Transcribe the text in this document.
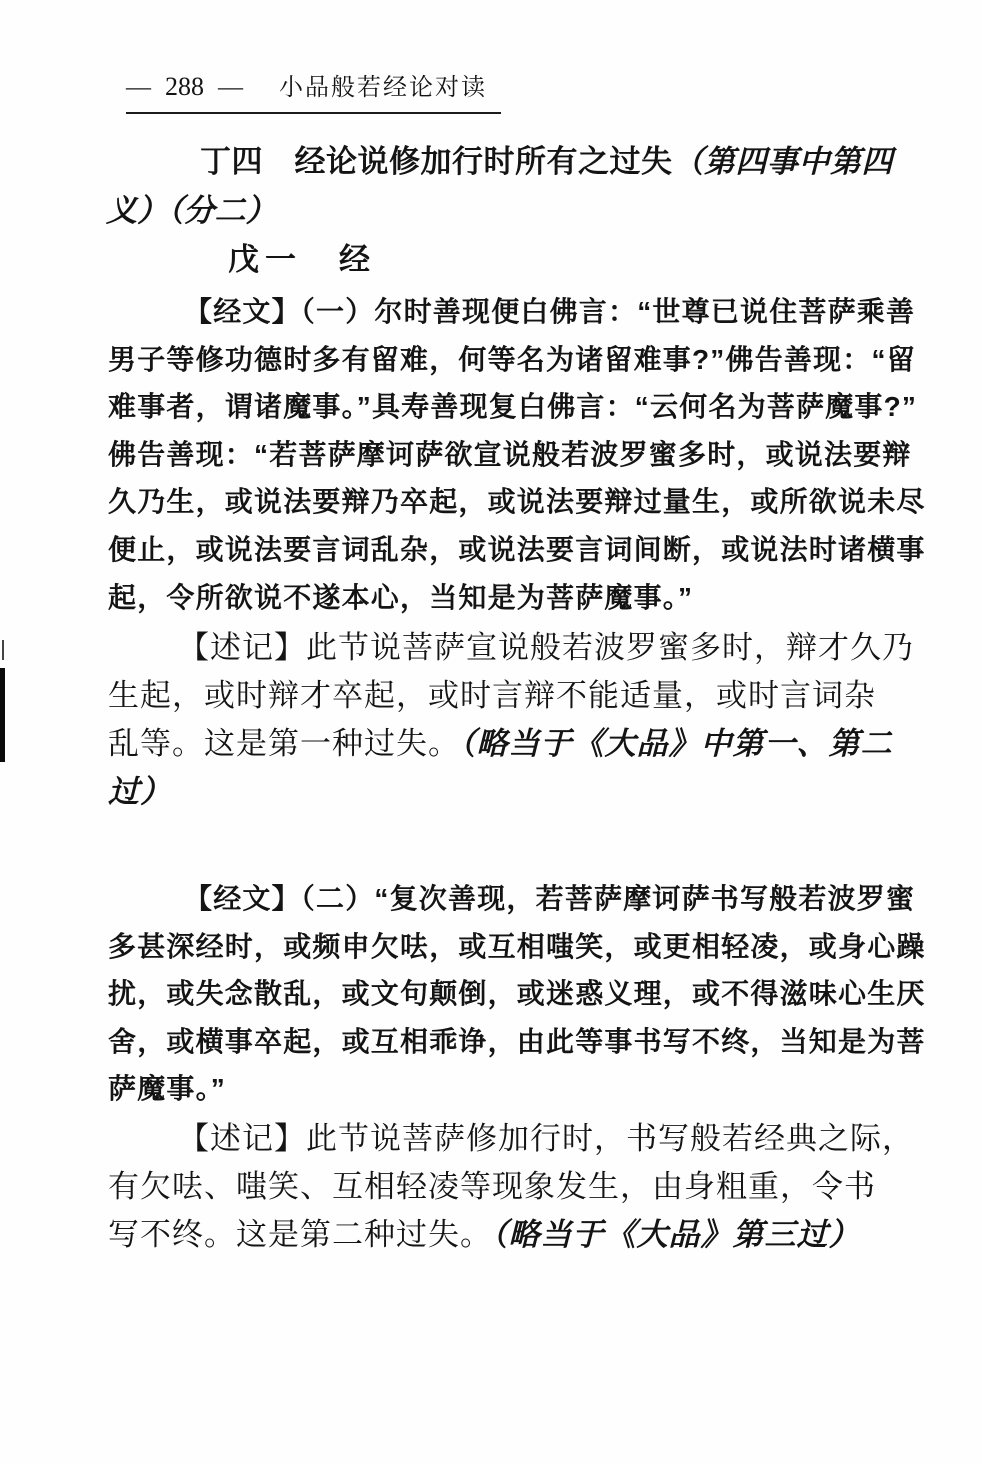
— 288 — 小品般若经论对读
丁四　经论说修加行时所有之过失（第四事中第四
义）（分二）
戊一　经
【经文】（一）尔时善现便白佛言：“世尊已说住菩萨乘善
男子等修功德时多有留难，何等名为诸留难事?”佛告善现：“留
难事者，谓诸魔事。”具寿善现复白佛言：“云何名为菩萨魔事?”
佛告善现：“若菩萨摩诃萨欲宣说般若波罗蜜多时，或说法要辩
久乃生，或说法要辩乃卒起，或说法要辩过量生，或所欲说未尽
便止，或说法要言词乱杂，或说法要言词间断，或说法时诸横事
起，令所欲说不遂本心，当知是为菩萨魔事。”
【述记】此节说菩萨宣说般若波罗蜜多时，辩才久乃
生起，或时辩才卒起，或时言辩不能适量，或时言词杂
乱等。这是第一种过失。（略当于《大品》中第一、第二
过）
【经文】（二）“复次善现，若菩萨摩诃萨书写般若波罗蜜
多甚深经时，或频申欠呿，或互相嗤笑，或更相轻凌，或身心躁
扰，或失念散乱，或文句颠倒，或迷惑义理，或不得滋味心生厌
舍，或横事卒起，或互相乖诤，由此等事书写不终，当知是为菩
萨魔事。”
【述记】此节说菩萨修加行时，书写般若经典之际，
有欠呿、嗤笑、互相轻凌等现象发生，由身粗重，令书
写不终。这是第二种过失。（略当于《大品》第三过）
